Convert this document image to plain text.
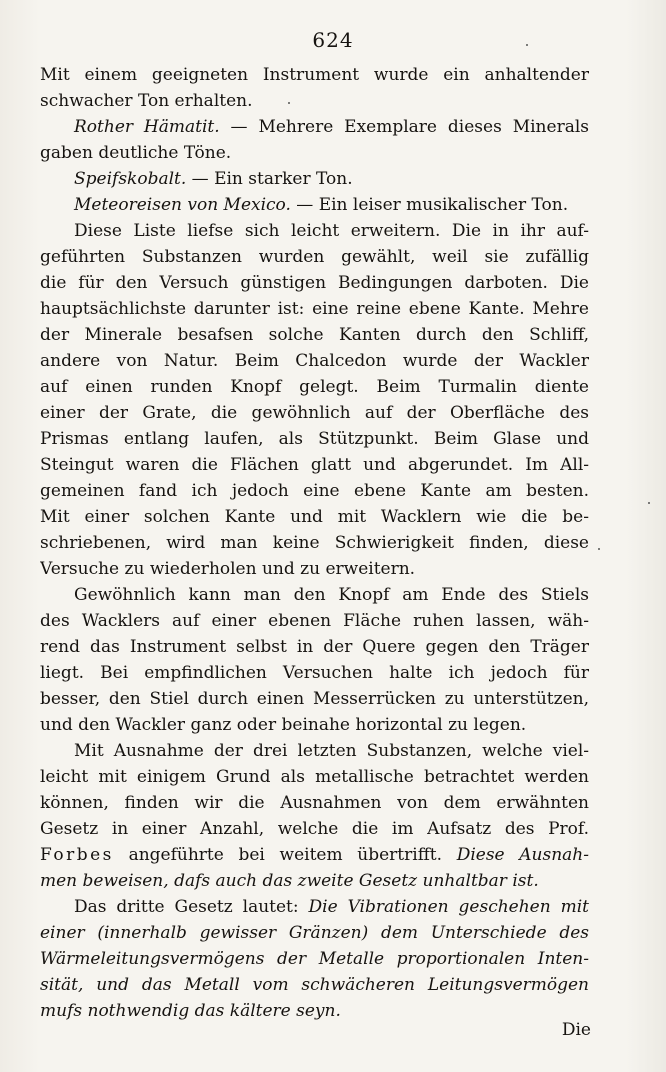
624
Mit einem geeigneten Instrument wurde ein anhaltender
schwacher Ton erhalten.
Rother Hämatit. — Mehrere Exemplare dieses Minerals
gaben deutliche Töne.
Speifskobalt. — Ein starker Ton.
Meteoreisen von Mexico. — Ein leiser musikalischer Ton.
Diese Liste liefse sich leicht erweitern. Die in ihr auf-
geführten Substanzen wurden gewählt, weil sie zufällig
die für den Versuch günstigen Bedingungen darboten. Die
hauptsächlichste darunter ist: eine reine ebene Kante. Mehre
der Minerale besafsen solche Kanten durch den Schliff,
andere von Natur. Beim Chalcedon wurde der Wackler
auf einen runden Knopf gelegt. Beim Turmalin diente
einer der Grate, die gewöhnlich auf der Oberfläche des
Prismas entlang laufen, als Stützpunkt. Beim Glase und
Steingut waren die Flächen glatt und abgerundet. Im All-
gemeinen fand ich jedoch eine ebene Kante am besten.
Mit einer solchen Kante und mit Wacklern wie die be-
schriebenen, wird man keine Schwierigkeit finden, diese
Versuche zu wiederholen und zu erweitern.
Gewöhnlich kann man den Knopf am Ende des Stiels
des Wacklers auf einer ebenen Fläche ruhen lassen, wäh-
rend das Instrument selbst in der Quere gegen den Träger
liegt. Bei empfindlichen Versuchen halte ich jedoch für
besser, den Stiel durch einen Messerrücken zu unterstützen,
und den Wackler ganz oder beinahe horizontal zu legen.
Mit Ausnahme der drei letzten Substanzen, welche viel-
leicht mit einigem Grund als metallische betrachtet werden
können, finden wir die Ausnahmen von dem erwähnten
Gesetz in einer Anzahl, welche die im Aufsatz des Prof.
Forbes angeführte bei weitem übertrifft. Diese Ausnah-
men beweisen, dafs auch das zweite Gesetz unhaltbar ist.
Das dritte Gesetz lautet: Die Vibrationen geschehen mit
einer (innerhalb gewisser Gränzen) dem Unterschiede des
Wärmeleitungsvermögens der Metalle proportionalen Inten-
sität, und das Metall vom schwächeren Leitungsvermögen
mufs nothwendig das kältere seyn.
Die
